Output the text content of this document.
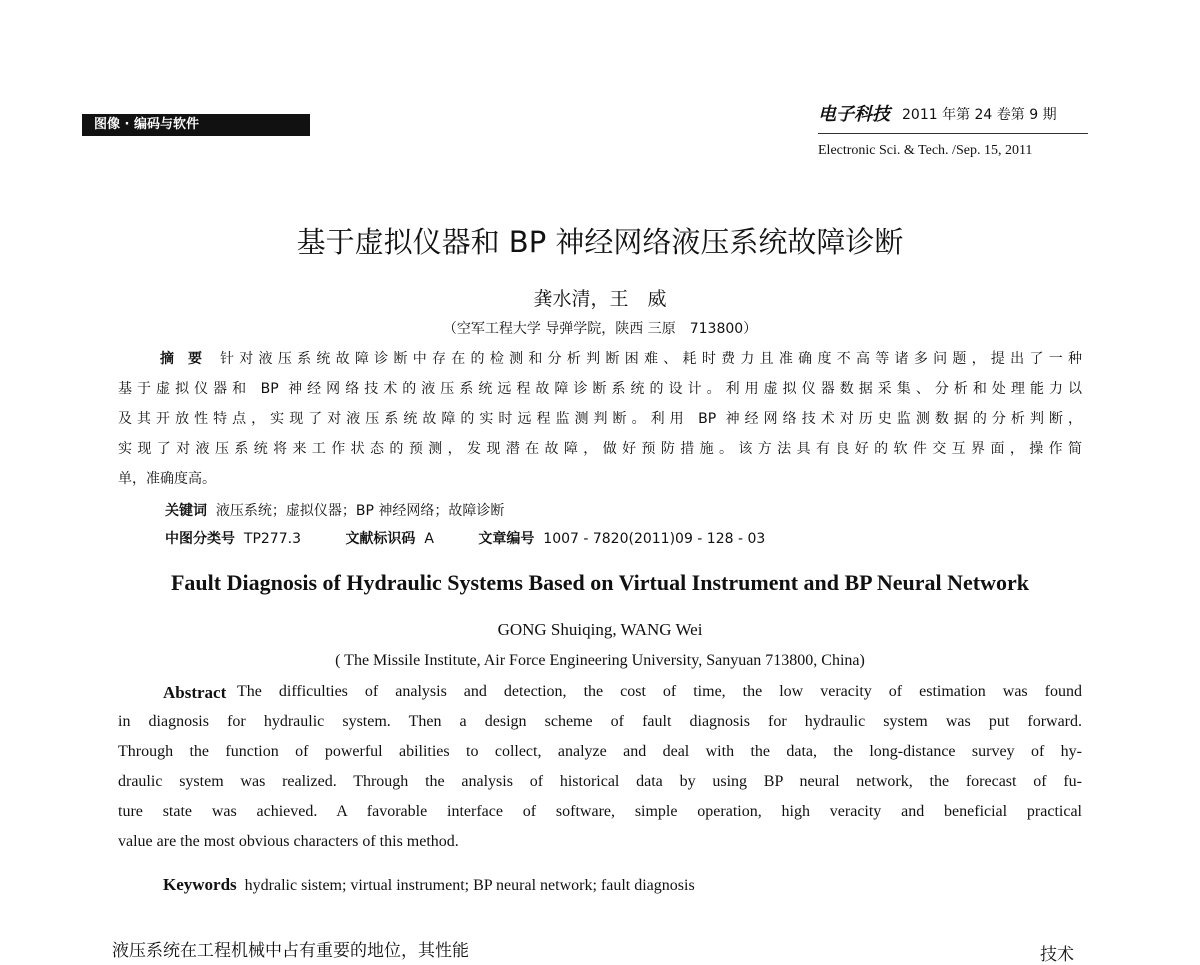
图像 · 编码与软件	电子科技 2011 年第 24 卷第 9 期
Electronic Sci. & Tech. /Sep. 15, 2011
基于虚拟仪器和 BP 神经网络液压系统故障诊断
龚水清，王　威
（空军工程大学 导弹学院，陕西 三原　713800）
摘　要 针对液压系统故障诊断中存在的检测和分析判断困难、耗时费力且准确度不高等诸多问题，提出了一种
基于虚拟仪器和 BP 神经网络技术的液压系统远程故障诊断系统的设计。利用虚拟仪器数据采集、分析和处理能力以
及其开放性特点，实现了对液压系统故障的实时远程监测判断。利用 BP 神经网络技术对历史监测数据的分析判断，
实现了对液压系统将来工作状态的预测，发现潜在故障，做好预防措施。该方法具有良好的软件交互界面，操作简
单，准确度高。
关键词 液压系统；虚拟仪器；BP 神经网络；故障诊断
中图分类号 TP277.3	文献标识码 A	文章编号 1007 - 7820(2011)09 - 128 - 03
Fault Diagnosis of Hydraulic Systems Based on Virtual Instrument and BP Neural Network
GONG Shuiqing, WANG Wei
( The Missile Institute, Air Force Engineering University, Sanyuan 713800, China)
Abstract The difficulties of analysis and detection, the cost of time, the low veracity of estimation was found
in diagnosis for hydraulic system. Then a design scheme of fault diagnosis for hydraulic system was put forward.
Through the function of powerful abilities to collect, analyze and deal with the data, the long-distance survey of hy-
draulic system was realized. Through the analysis of historical data by using BP neural network, the forecast of fu-
ture state was achieved. A favorable interface of software, simple operation, high veracity and beneficial practical
value are the most obvious characters of this method.
Keywords hydralic sistem; virtual instrument; BP neural network; fault diagnosis
液压系统在工程机械中占有重要的地位，其性能	技术
